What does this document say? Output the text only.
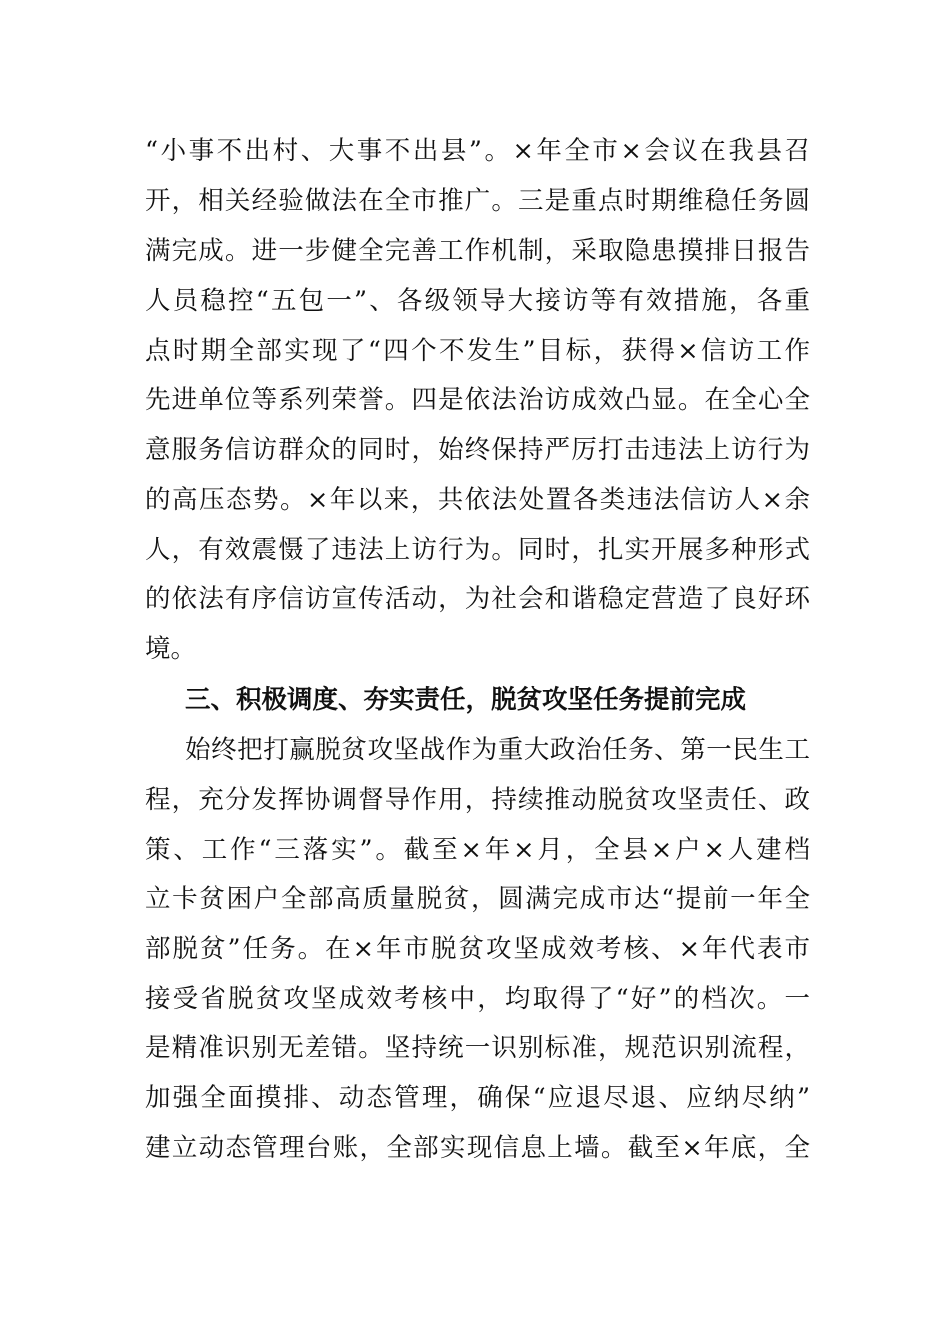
“小事不出村、大事不出县”。×年全市×会议在我县召
开，相关经验做法在全市推广。三是重点时期维稳任务圆
满完成。进一步健全完善工作机制，采取隐患摸排日报告
人员稳控“五包一”、各级领导大接访等有效措施，各重
点时期全部实现了“四个不发生”目标，获得×信访工作
先进单位等系列荣誉。四是依法治访成效凸显。在全心全
意服务信访群众的同时，始终保持严厉打击违法上访行为
的高压态势。×年以来，共依法处置各类违法信访人×余
人，有效震慑了违法上访行为。同时，扎实开展多种形式
的依法有序信访宣传活动，为社会和谐稳定营造了良好环
境。
三、积极调度、夯实责任，脱贫攻坚任务提前完成
始终把打赢脱贫攻坚战作为重大政治任务、第一民生工
程，充分发挥协调督导作用，持续推动脱贫攻坚责任、政
策、工作“三落实”。截至×年×月，全县×户×人建档
立卡贫困户全部高质量脱贫，圆满完成市达“提前一年全
部脱贫”任务。在×年市脱贫攻坚成效考核、×年代表市
接受省脱贫攻坚成效考核中，均取得了“好”的档次。一
是精准识别无差错。坚持统一识别标准，规范识别流程，
加强全面摸排、动态管理，确保“应退尽退、应纳尽纳”
建立动态管理台账，全部实现信息上墙。截至×年底，全
